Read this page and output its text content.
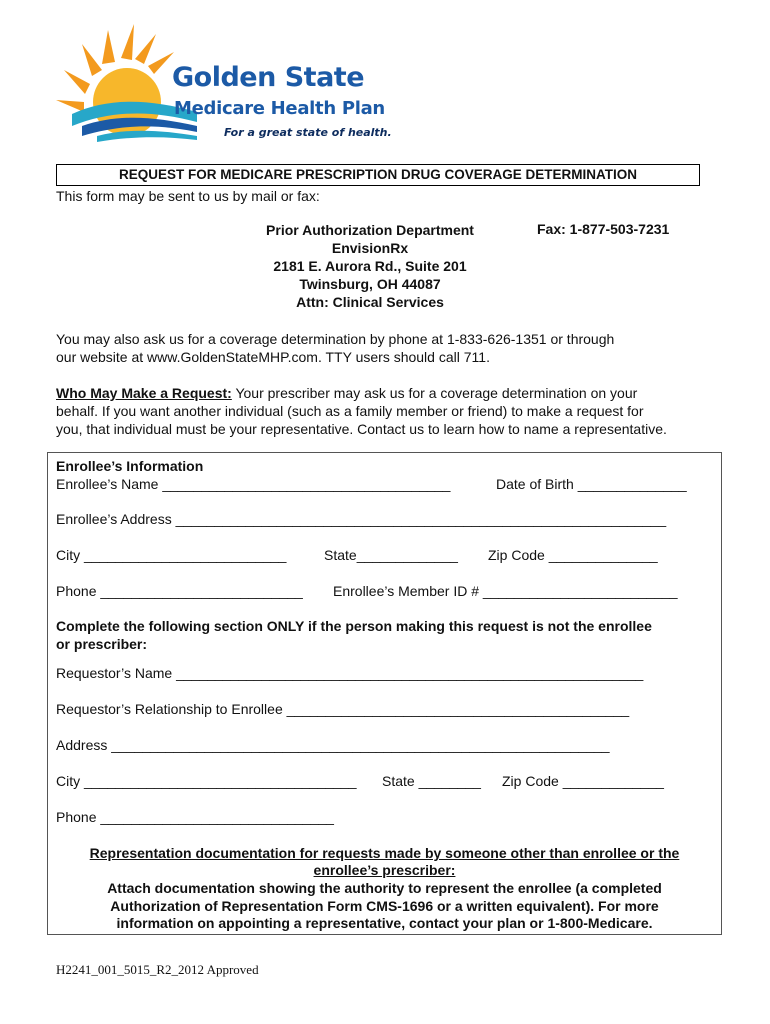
Golden State
Medicare Health Plan
For a great state of health.
REQUEST FOR MEDICARE PRESCRIPTION DRUG COVERAGE DETERMINATION
This form may be sent to us by mail or fax:
Prior Authorization Department
EnvisionRx
2181 E. Aurora Rd., Suite 201
Twinsburg, OH 44087
Attn: Clinical Services
Fax: 1-877-503-7231
You may also ask us for a coverage determination by phone at 1-833-626-1351 or through
our website at www.GoldenStateMHP.com. TTY users should call 711.
Who May Make a Request: Your prescriber may ask us for a coverage determination on your
behalf. If you want another individual (such as a family member or friend) to make a request for
you, that individual must be your representative. Contact us to learn how to name a representative.
Enrollee’s Information
Enrollee’s Name _____________________________________	Date of Birth ______________
Enrollee’s Address _______________________________________________________________
City __________________________	State_____________ Zip Code ______________
Phone __________________________ Enrollee’s Member ID # _________________________
Complete the following section ONLY if the person making this request is not the enrollee
or prescriber:
Requestor’s Name ____________________________________________________________
Requestor’s Relationship to Enrollee ____________________________________________
Address ________________________________________________________________
City ___________________________________ State ________ Zip Code _____________
Phone ______________________________
Representation documentation for requests made by someone other than enrollee or the
enrollee’s prescriber:
Attach documentation showing the authority to represent the enrollee (a completed
Authorization of Representation Form CMS-1696 or a written equivalent). For more
information on appointing a representative, contact your plan or 1-800-Medicare.
H2241_001_5015_R2_2012 Approved
